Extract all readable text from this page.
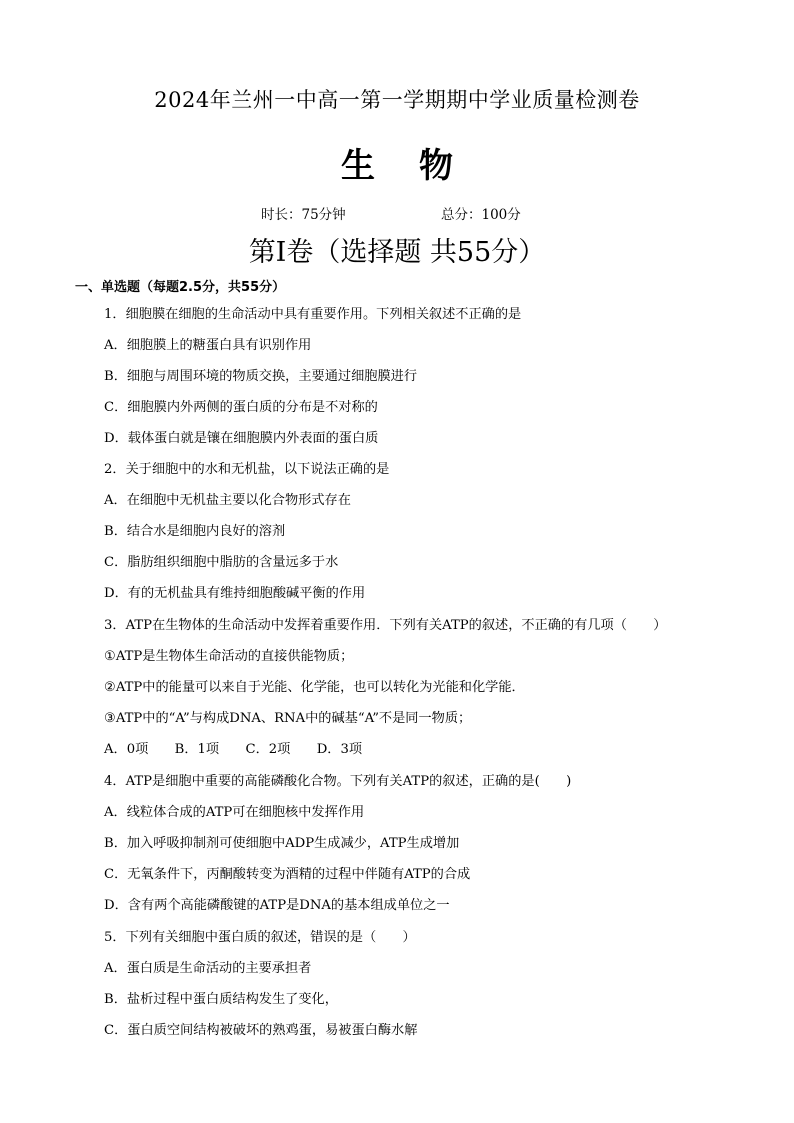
2024年兰州一中高一第一学期期中学业质量检测卷
生 物
时长：75分钟	总分：100分
第Ⅰ卷（选择题 共55分）
一、单选题（每题2.5分，共55分）
1．细胞膜在细胞的生命活动中具有重要作用。下列相关叙述不正确的是
A．细胞膜上的糖蛋白具有识别作用
B．细胞与周围环境的物质交换，主要通过细胞膜进行
C．细胞膜内外两侧的蛋白质的分布是不对称的
D．载体蛋白就是镶在细胞膜内外表面的蛋白质
2．关于细胞中的水和无机盐，以下说法正确的是
A．在细胞中无机盐主要以化合物形式存在
B．结合水是细胞内良好的溶剂
C．脂肪组织细胞中脂肪的含量远多于水
D．有的无机盐具有维持细胞酸碱平衡的作用
3．ATP在生物体的生命活动中发挥着重要作用．下列有关ATP的叙述，不正确的有几项（　　）
①ATP是生物体生命活动的直接供能物质；
②ATP中的能量可以来自于光能、化学能，也可以转化为光能和化学能．
③ATP中的“A”与构成DNA、RNA中的碱基“A”不是同一物质；
A．0项　　B．1项　　C．2项　　D．3项
4．ATP是细胞中重要的高能磷酸化合物。下列有关ATP的叙述，正确的是(　　)
A．线粒体合成的ATP可在细胞核中发挥作用
B．加入呼吸抑制剂可使细胞中ADP生成减少，ATP生成增加
C．无氧条件下，丙酮酸转变为酒精的过程中伴随有ATP的合成
D．含有两个高能磷酸键的ATP是DNA的基本组成单位之一
5．下列有关细胞中蛋白质的叙述，错误的是（　　）
A．蛋白质是生命活动的主要承担者
B．盐析过程中蛋白质结构发生了变化，
C．蛋白质空间结构被破坏的熟鸡蛋，易被蛋白酶水解
